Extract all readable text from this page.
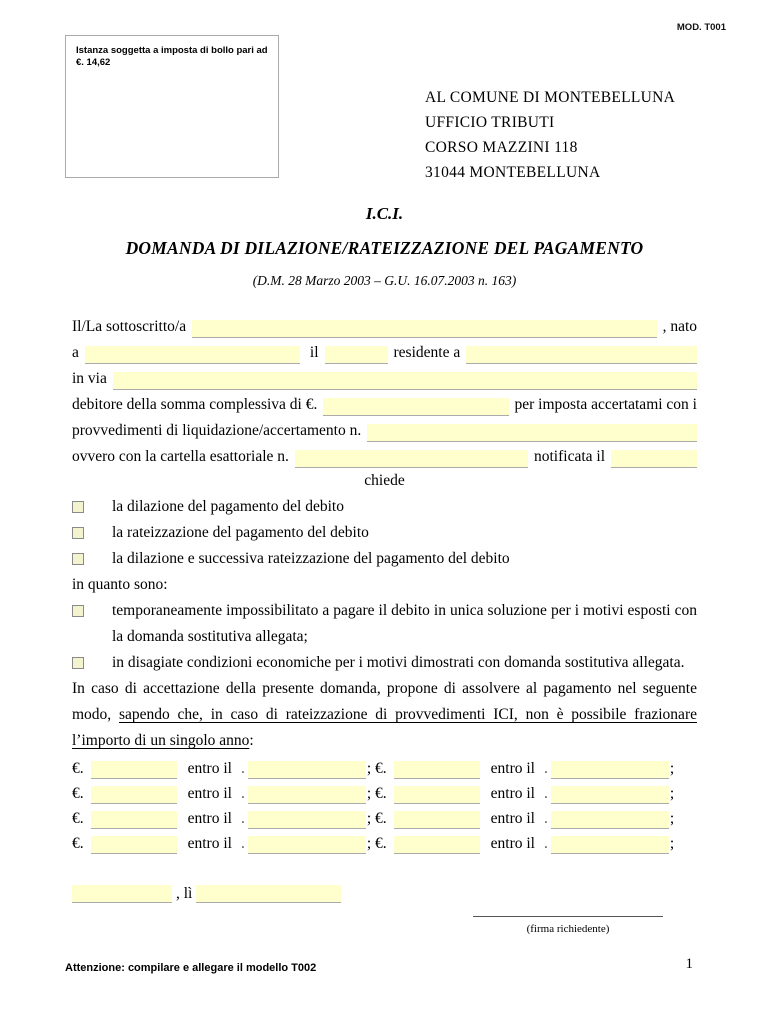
MOD. T001
Istanza soggetta a imposta di bollo pari ad €. 14,62
AL COMUNE DI MONTEBELLUNA
UFFICIO TRIBUTI
CORSO MAZZINI 118
31044 MONTEBELLUNA
I.C.I.
DOMANDA DI DILAZIONE/RATEIZZAZIONE DEL PAGAMENTO
(D.M. 28 Marzo 2003 – G.U. 16.07.2003 n. 163)
Il/La sottoscritto/a	, nato
a	il	residente a
in via
debitore della somma complessiva di €.	per imposta accertatami con i
provvedimenti di liquidazione/accertamento n.
ovvero con la cartella esattoriale n.	notificata il
chiede
la dilazione del pagamento del debito
la rateizzazione del pagamento del debito
la dilazione e successiva rateizzazione del pagamento del debito
in quanto sono:
temporaneamente impossibilitato a pagare il debito in unica soluzione per i motivi esposti con la domanda sostitutiva allegata;
in disagiate condizioni economiche per i motivi dimostrati con domanda sostitutiva allegata.
In caso di accettazione della presente domanda, propone di assolvere al pagamento nel seguente modo, sapendo che, in caso di rateizzazione di provvedimenti ICI, non è possibile frazionare l’importo di un singolo anno:
€.	entro il .	; €.	entro il .	;
€.	entro il .	; €.	entro il .	;
€.	entro il .	; €.	entro il .	;
€.	entro il .	; €.	entro il .	;
, lì
(firma richiedente)
Attenzione: compilare e allegare il modello T002	1
